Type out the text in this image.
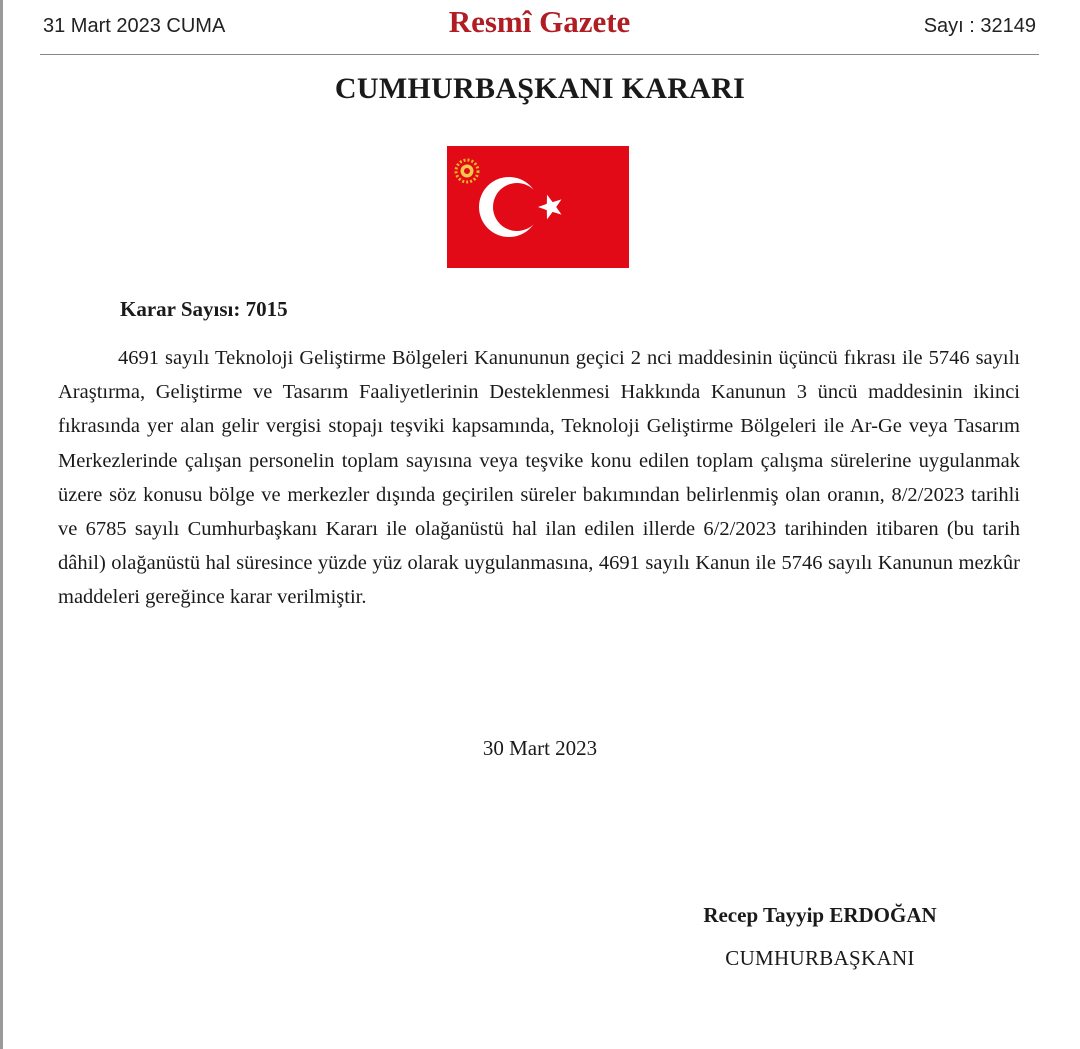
31 Mart 2023 CUMA	Resmî Gazete	Sayı : 32149
CUMHURBAŞKANI KARARI
Karar Sayısı: 7015
4691 sayılı Teknoloji Geliştirme Bölgeleri Kanununun geçici 2 nci maddesinin üçüncü fıkrası ile 5746 sayılı Araştırma, Geliştirme ve Tasarım Faaliyetlerinin Desteklenmesi Hakkında Kanunun 3 üncü maddesinin ikinci fıkrasında yer alan gelir vergisi stopajı teşviki kapsamında, Teknoloji Geliştirme Bölgeleri ile Ar-Ge veya Tasarım Merkezlerinde çalışan personelin toplam sayısına veya teşvike konu edilen toplam çalışma sürelerine uygulanmak üzere söz konusu bölge ve merkezler dışında geçirilen süreler bakımından belirlenmiş olan oranın, 8/2/2023 tarihli ve 6785 sayılı Cumhurbaşkanı Kararı ile olağanüstü hal ilan edilen illerde 6/2/2023 tarihinden itibaren (bu tarih dâhil) olağanüstü hal süresince yüzde yüz olarak uygulanmasına, 4691 sayılı Kanun ile 5746 sayılı Kanunun mezkûr maddeleri gereğince karar verilmiştir.
30 Mart 2023
Recep Tayyip ERDOĞAN
CUMHURBAŞKANI
